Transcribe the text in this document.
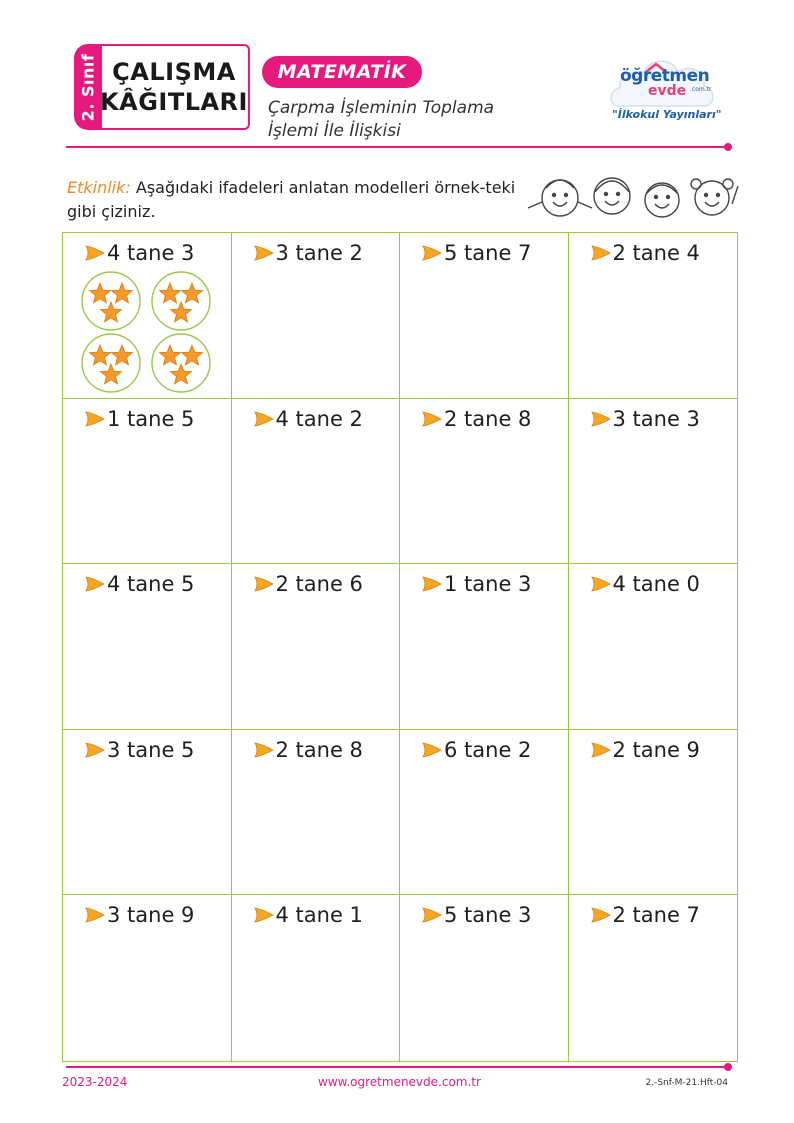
2. Sınıf ÇALIŞMA
KÂĞITLARI
MATEMATİK
Çarpma İşleminin Toplama
İşlemi İle İlişkisi
öğretmen
evde .com.tr
"İlkokul Yayınları"
Etkinlik: Aşağıdaki ifadeleri anlatan modelleri örnek-teki gibi çiziniz.
4 tane 3	3 tane 2	5 tane 7	2 tane 4
1 tane 5	4 tane 2	2 tane 8	3 tane 3
4 tane 5	2 tane 6	1 tane 3	4 tane 0
3 tane 5	2 tane 8	6 tane 2	2 tane 9
3 tane 9	4 tane 1	5 tane 3	2 tane 7
2023-2024	www.ogretmenevde.com.tr	2.-Snf-M-21.Hft-04
